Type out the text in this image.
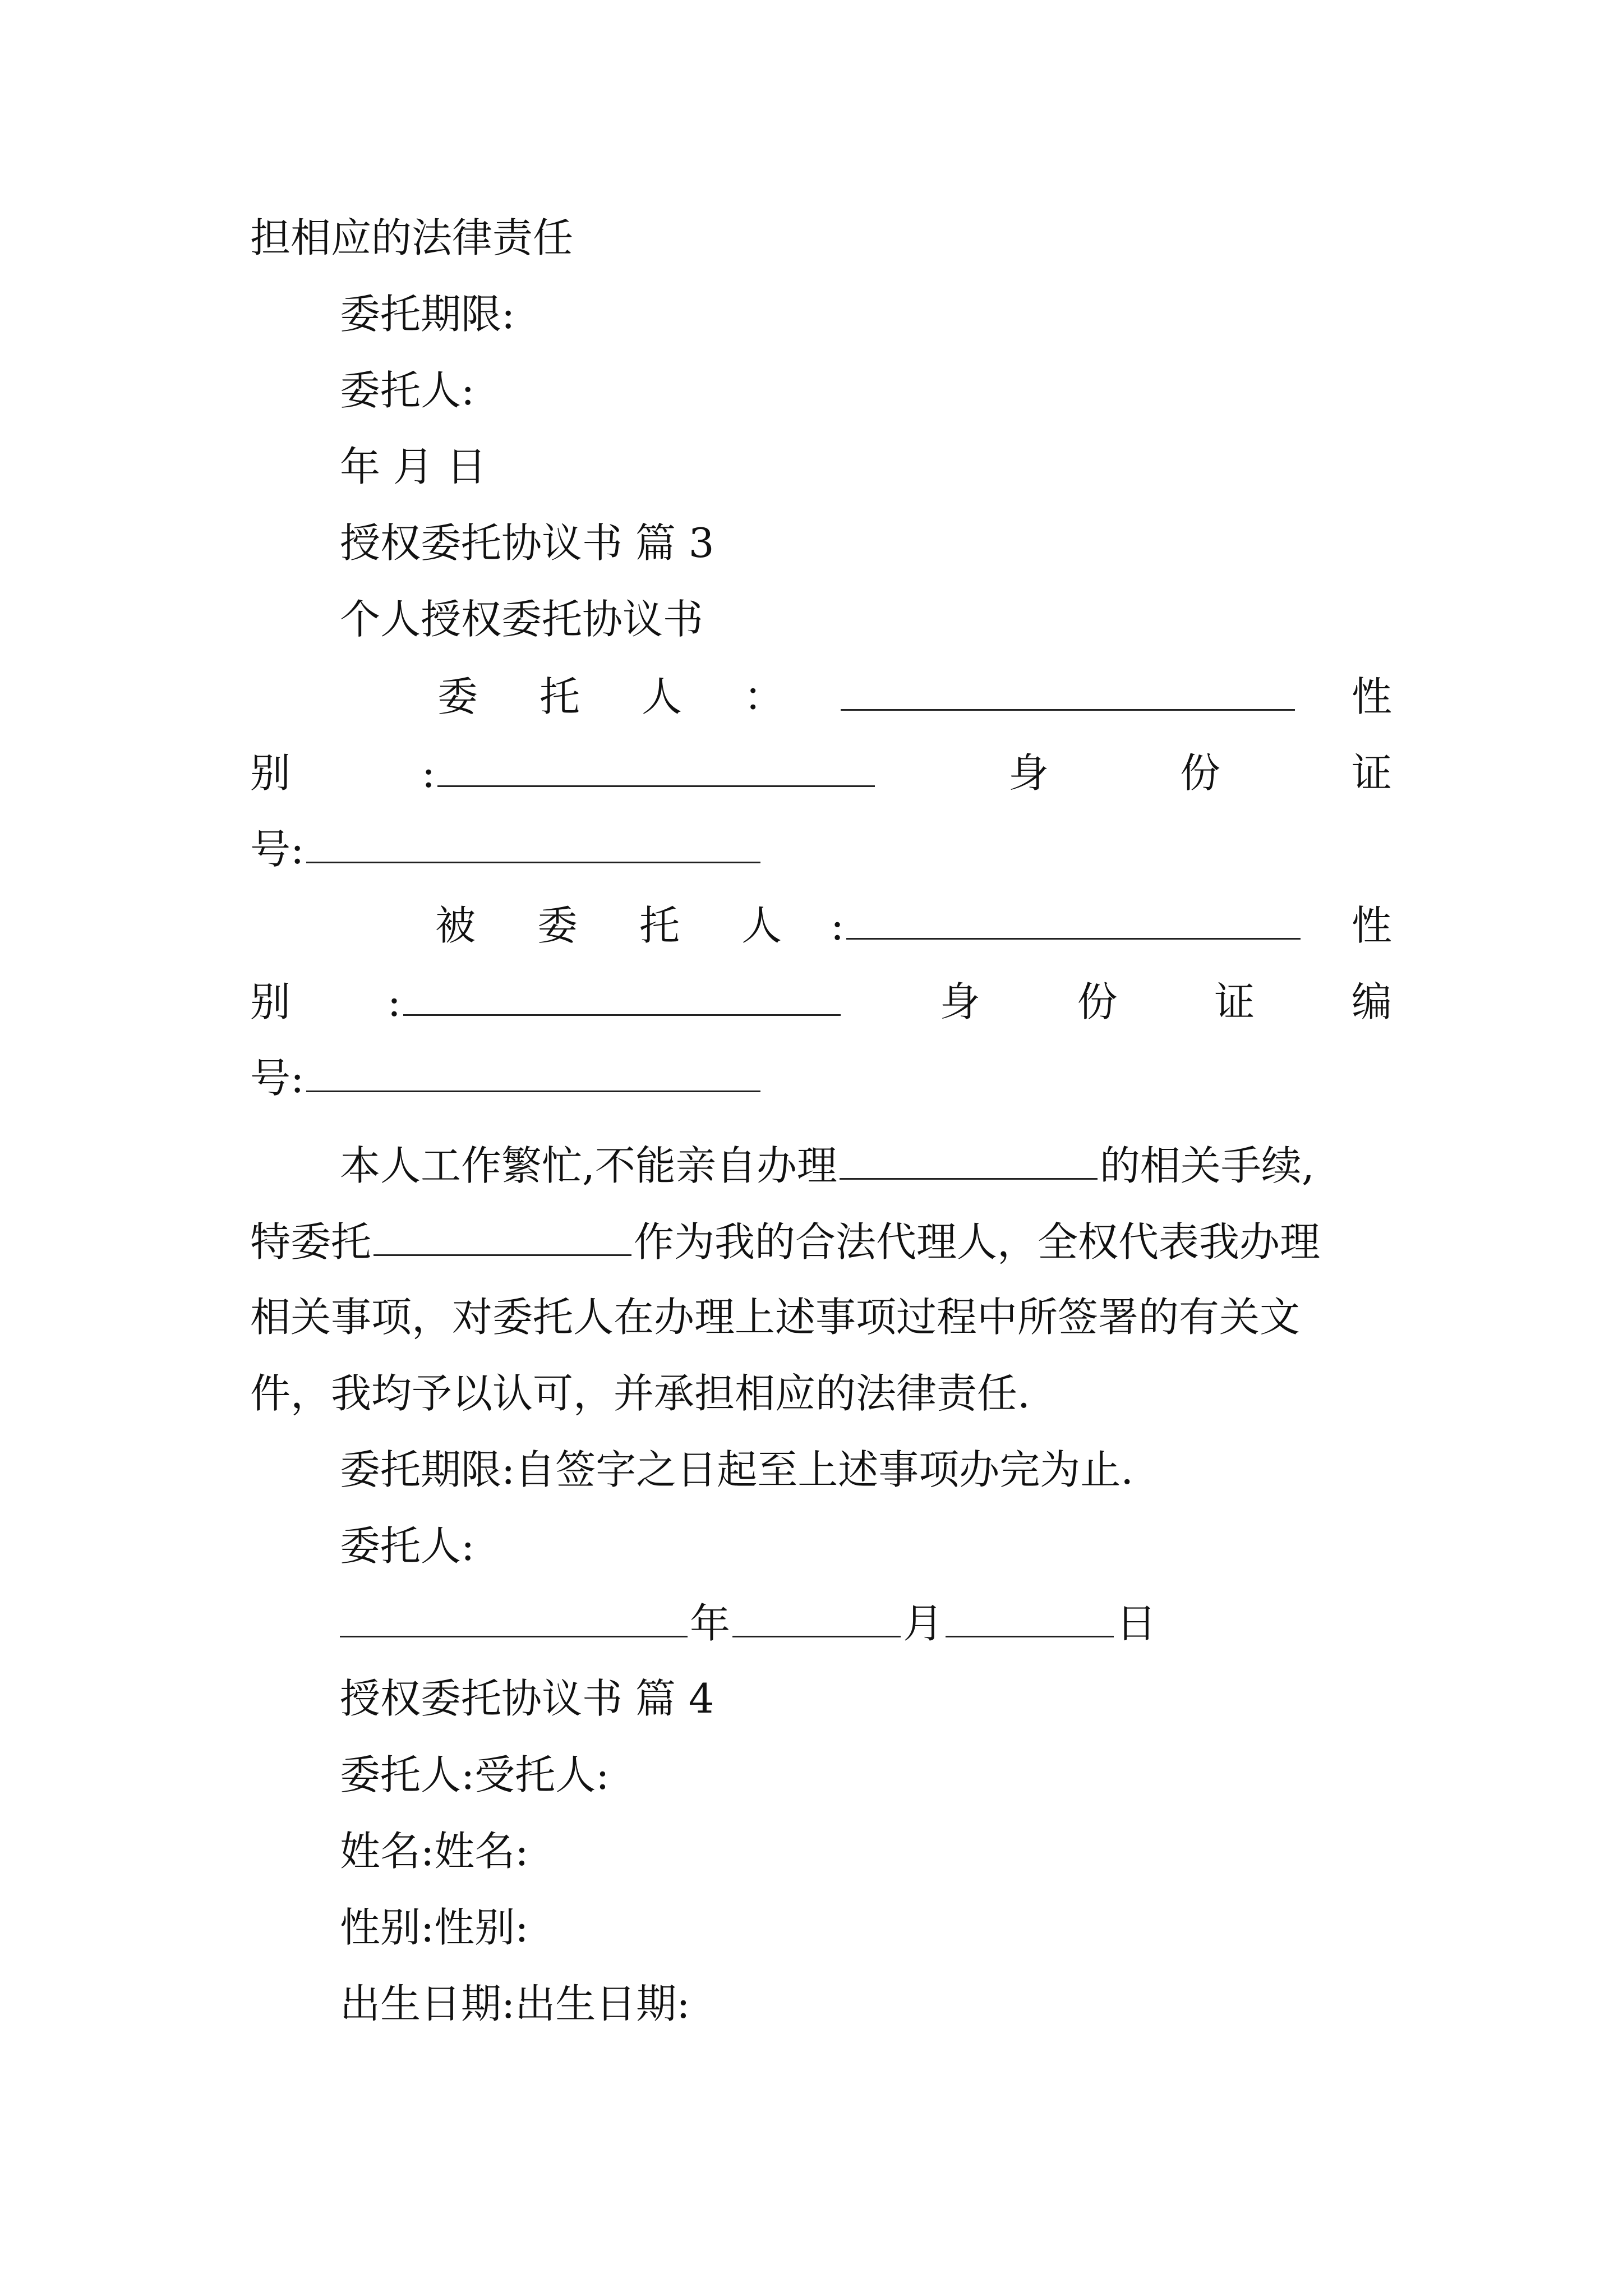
担相应的法律责任
委托期限:
委托人:
年 月 日
授权委托协议书 篇 3
个人授权委托协议书
委 托 人 ：	性
别	:	身	份	证
号:
被 委 托 人 :	性
别 :	身 份 证 编
号:
本人工作繁忙,不能亲自办理	的相关手续,
特委托	作为我的合法代理人，全权代表我办理
相关事项，对委托人在办理上述事项过程中所签署的有关文
件，我均予以认可，并承担相应的法律责任.
委托期限:自签字之日起至上述事项办完为止.
委托人:
年	月	日
授权委托协议书 篇 4
委托人:受托人:
姓名:姓名:
性别:性别:
出生日期:出生日期:
